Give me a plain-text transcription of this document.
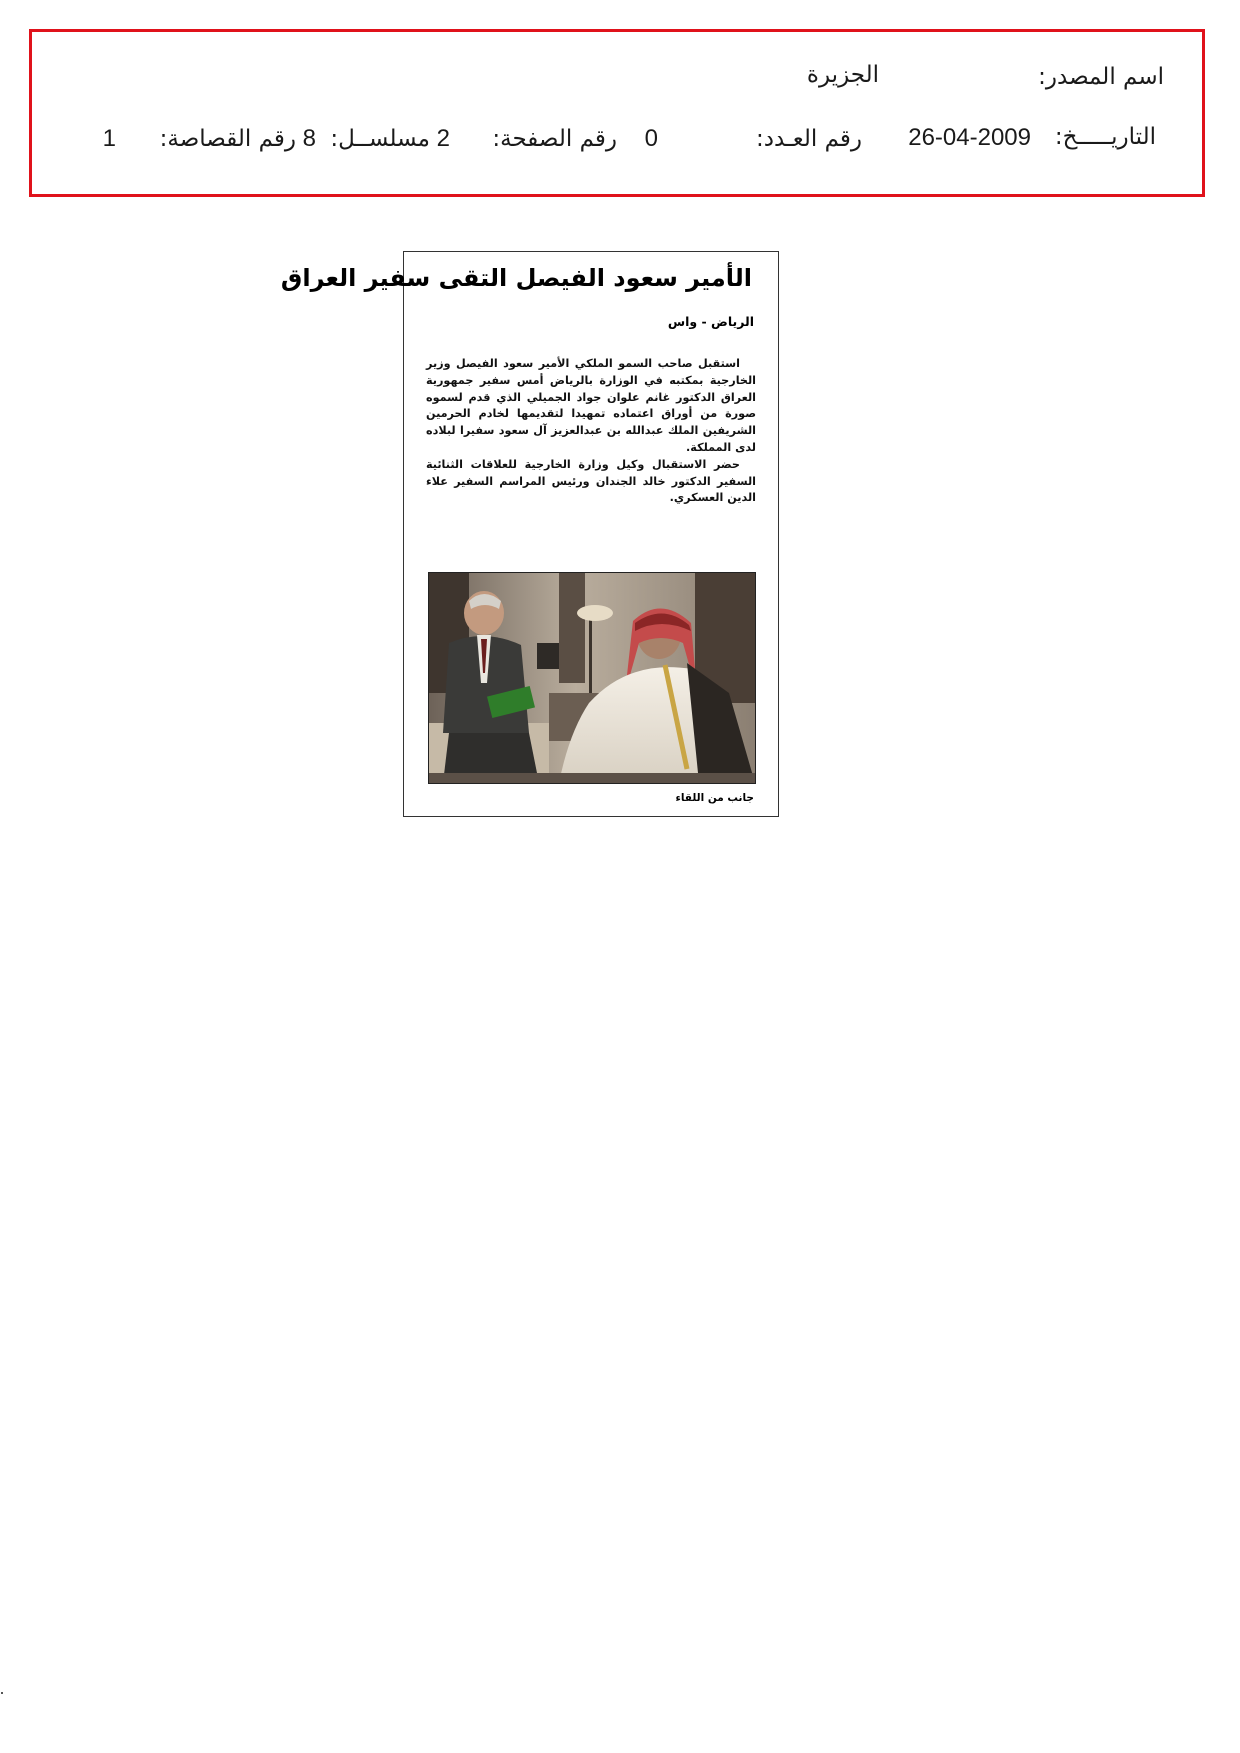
اسم المصدر:
الجزيرة
التاريـــــخ:
26-04-2009
رقم العـدد:
0
رقم الصفحة:
2
مسلســل:
8
رقم القصاصة:
1
الأمير سعود الفيصل التقى سفير العراق
الرياض - واس

استقبل صاحب السمو الملكي الأمير سعود الفيصل وزير الخارجية بمكتبه في الوزارة بالرياض أمس سفير جمهورية العراق الدكتور غانم علوان جواد الجميلي الذي قدم لسموه صورة من أوراق اعتماده تمهيدا لتقديمها لخادم الحرمين الشريفين الملك عبدالله بن عبدالعزيز آل سعود سفيرا لبلاده لدى المملكة.

حضر الاستقبال وكيل وزارة الخارجية للعلاقات الثنائية السفير الدكتور خالد الجندان ورئيس المراسم السفير علاء الدين العسكري.

جانب من اللقاء
